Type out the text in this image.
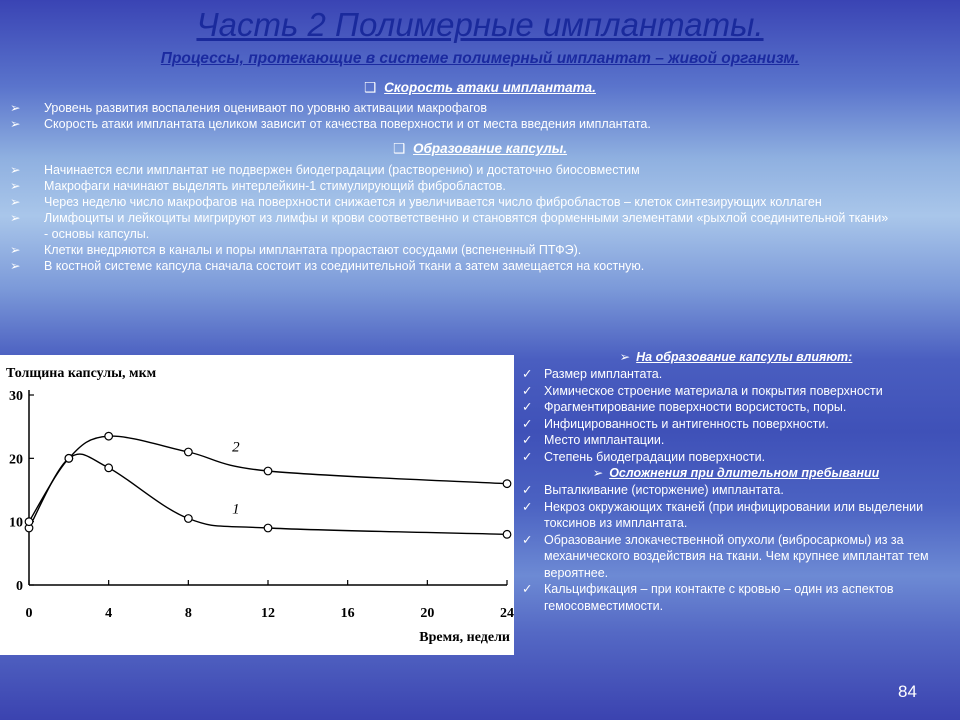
Часть 2 Полимерные имплантаты.
Процессы, протекающие в системе полимерный имплантат – живой организм.
❑ Скорость атаки имплантата.
➢	Уровень развития воспаления оценивают по уровню активации макрофагов
➢	Скорость атаки имплантата целиком зависит от качества поверхности и от места введения имплантата.
❑ Образование капсулы.
➢	Начинается если имплантат не подвержен биодеградации (растворению) и достаточно биосовместим
➢	Макрофаги начинают выделять интерлейкин-1 стимулирующий фибробластов.
➢	Через неделю число макрофагов на поверхности снижается и увеличивается число фибробластов – клеток синтезирующих коллаген
➢	Лимфоциты и лейкоциты мигрируют из лимфы и крови соответственно и становятся форменными элементами «рыхлой соединительной ткани» - основы капсулы.
➢	Клетки внедряются в каналы и поры имплантата прорастают сосудами (вспененный ПТФЭ).
➢	В костной системе капсула сначала состоит из соединительной ткани а затем замещается на костную.
0	4	8	12	16	20	24
0
10
20
30
1
2
Толщина капсулы, мкм
Время, недели
➢ На образование капсулы влияют:
✓ Размер имплантата.
✓ Химическое строение материала и покрытия поверхности
✓ Фрагментирование поверхности ворсистость, поры.
✓ Инфицированность и антигенность поверхности.
✓ Место имплантации.
✓ Степень биодеградации поверхности.
➢ Осложнения при длительном пребывании
✓ Выталкивание (исторжение) имплантата.
✓ Некроз окружающих тканей (при инфицировании или выделении токсинов из имплантата.
✓ Образование злокачественной опухоли (вибросаркомы) из за механического воздействия на ткани. Чем крупнее имплантат тем вероятнее.
✓ Кальцификация – при контакте с кровью – один из аспектов гемосовместимости.
84
